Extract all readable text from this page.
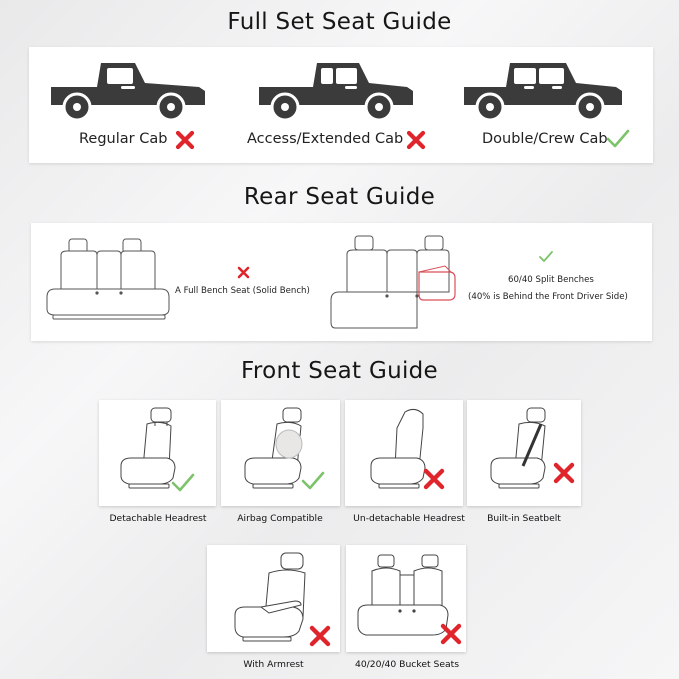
Full Set Seat Guide
Regular Cab	Access/Extended Cab	Double/Crew Cab
Rear Seat Guide
A Full Bench Seat (Solid Bench)
60/40 Split Benches
(40% is Behind the Front Driver Side)
Front Seat Guide
Detachable Headrest	Airbag Compatible	Un-detachable Headrest	Built-in Seatbelt
With Armrest	40/20/40 Bucket Seats
